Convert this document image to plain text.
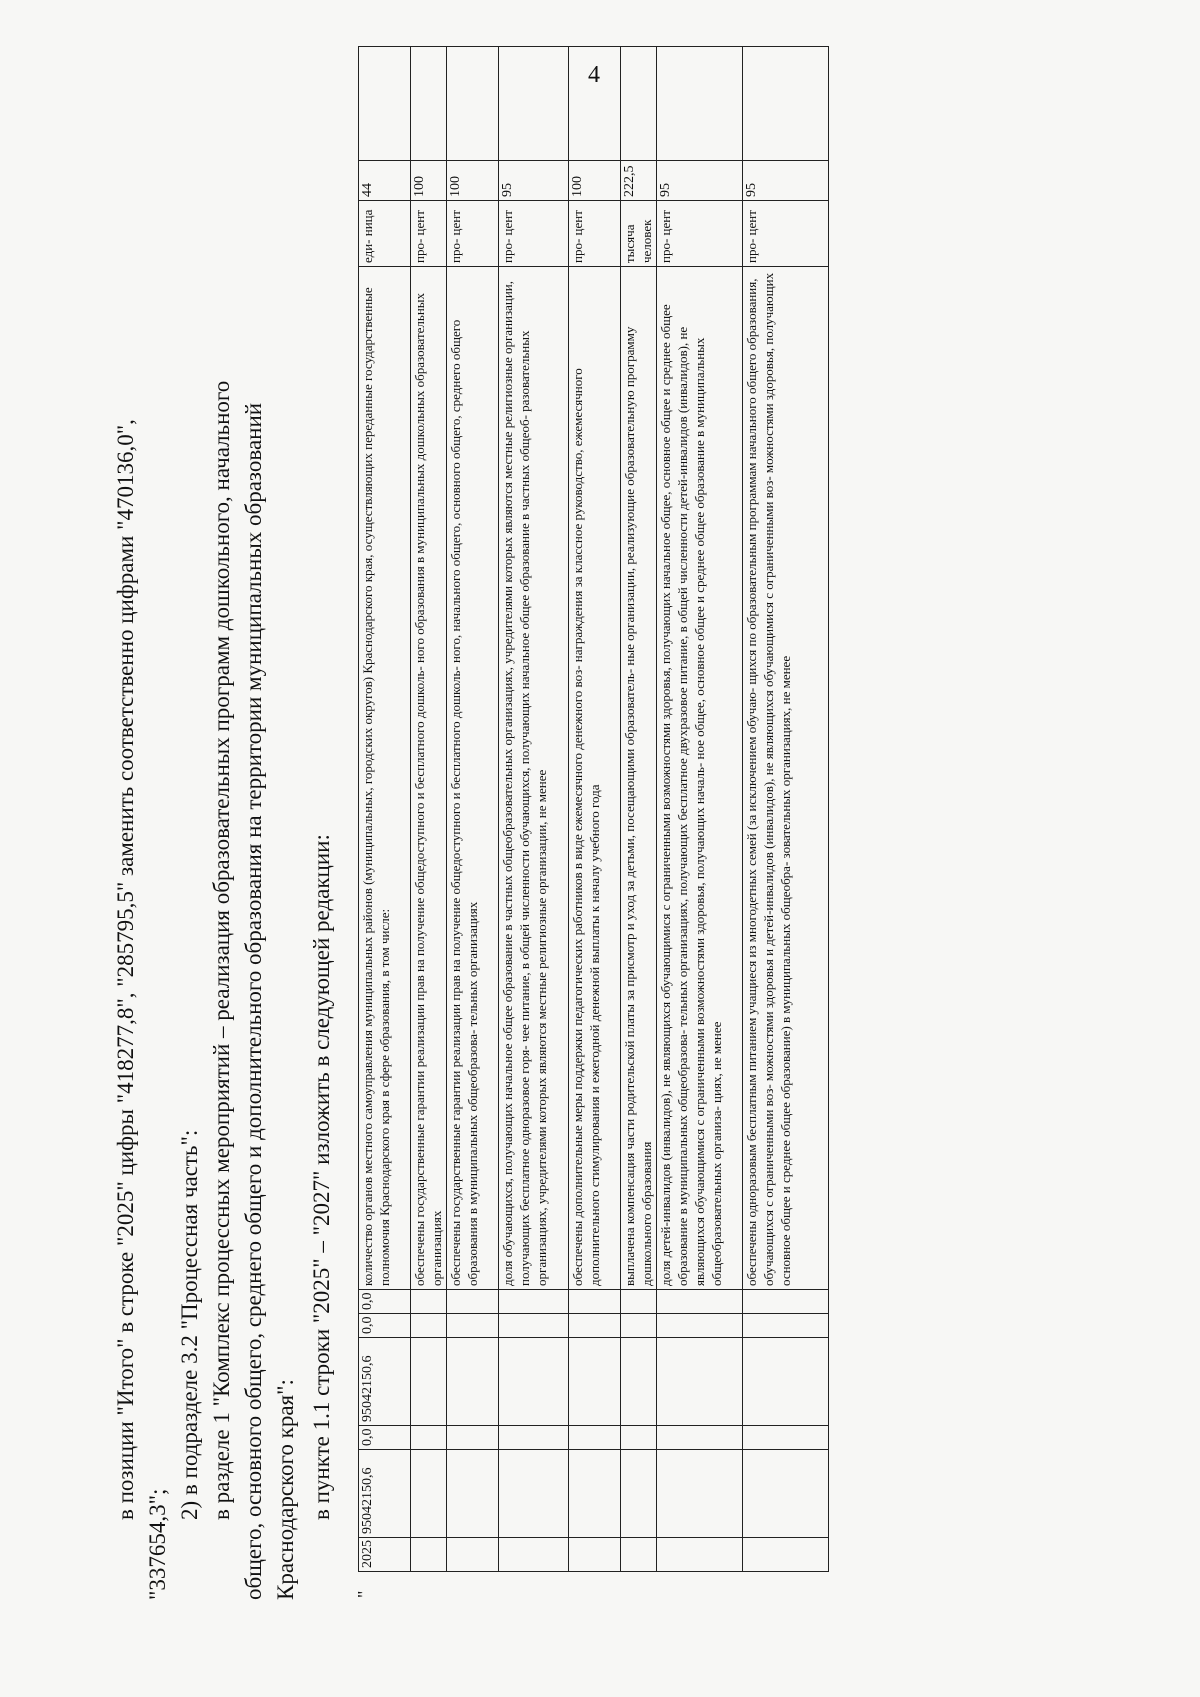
4
в позиции "Итого" в строке "2025" цифры "418277,8", "285795,5" заменить соответственно цифрами "470136,0",
"337654,3";
2) в подразделе 3.2 "Процессная часть": в разделе 1 "Комплекс процессных мероприятий – реализация образовательных программ дошкольного, начального общего, основного общего, среднего общего и дополнительного образования на территории муниципальных образований Краснодарского края": в пункте 1.1 строки "2025" – "2027" изложить в следующей редакции:
"
2025	95042150,6	0,0	95042150,6	0,0	0,0	количество органов местного самоуправления муниципальных районов (муниципальных, городских округов) Краснодарского края, осуществляющих переданные государственные полномочия Краснодарского края в сфере образования, в том числе:	еди- ница	44	
						обеспечены государственные гарантии реализации прав на получение общедоступного и бесплатного дошколь- ного образования в муниципальных дошкольных образовательных организациях	про- цент	100	
						обеспечены государственные гарантии реализации прав на получение общедоступного и бесплатного дошколь- ного, начального общего, основного общего, среднего общего образования в муниципальных общеобразова- тельных организациях	про- цент	100	
						доля обучающихся, получающих начальное общее образование в частных общеобразовательных организациях, учредителями которых являются местные религиозные организации, получающих бесплатное одноразовое горя- чее питание, в общей численности обучающихся, получающих начальное общее образование в частных общеоб- разовательных организациях, учредителями которых являются местные религиозные организации, не менее	про- цент	95	
						обеспечены дополнительные меры поддержки педагогических работников в виде ежемесячного денежного воз- награждения за классное руководство, ежемесячного дополнительного стимулирования и ежегодной денежной выплаты к началу учебного года	про- цент	100	
						выплачена компенсация части родительской платы за присмотр и уход за детьми, посещающими образователь- ные организации, реализующие образовательную программу дошкольного образования	тысяча человек	222,5	
						доля детей-инвалидов (инвалидов), не являющихся обучающимися с ограниченными возможностями здоровья, получающих начальное общее, основное общее и среднее общее образование в муниципальных общеобразова- тельных организациях, получающих бесплатное двухразовое питание, в общей численности детей-инвалидов (инвалидов), не являющихся обучающимися с ограниченными возможностями здоровья, получающих началь- ное общее, основное общее и среднее общее образование в муниципальных общеобразовательных организа- циях, не менее	про- цент	95	
						обеспечены одноразовым бесплатным питанием учащиеся из многодетных семей (за исключением обучаю- щихся по образовательным программам начального общего образования, обучающихся с ограниченными воз- можностями здоровья и детей-инвалидов (инвалидов), не являющихся обучающимися с ограниченными воз- можностями здоровья, получающих основное общее и среднее общее образование) в муниципальных общеобра- зовательных организациях, не менее	про- цент	95	
